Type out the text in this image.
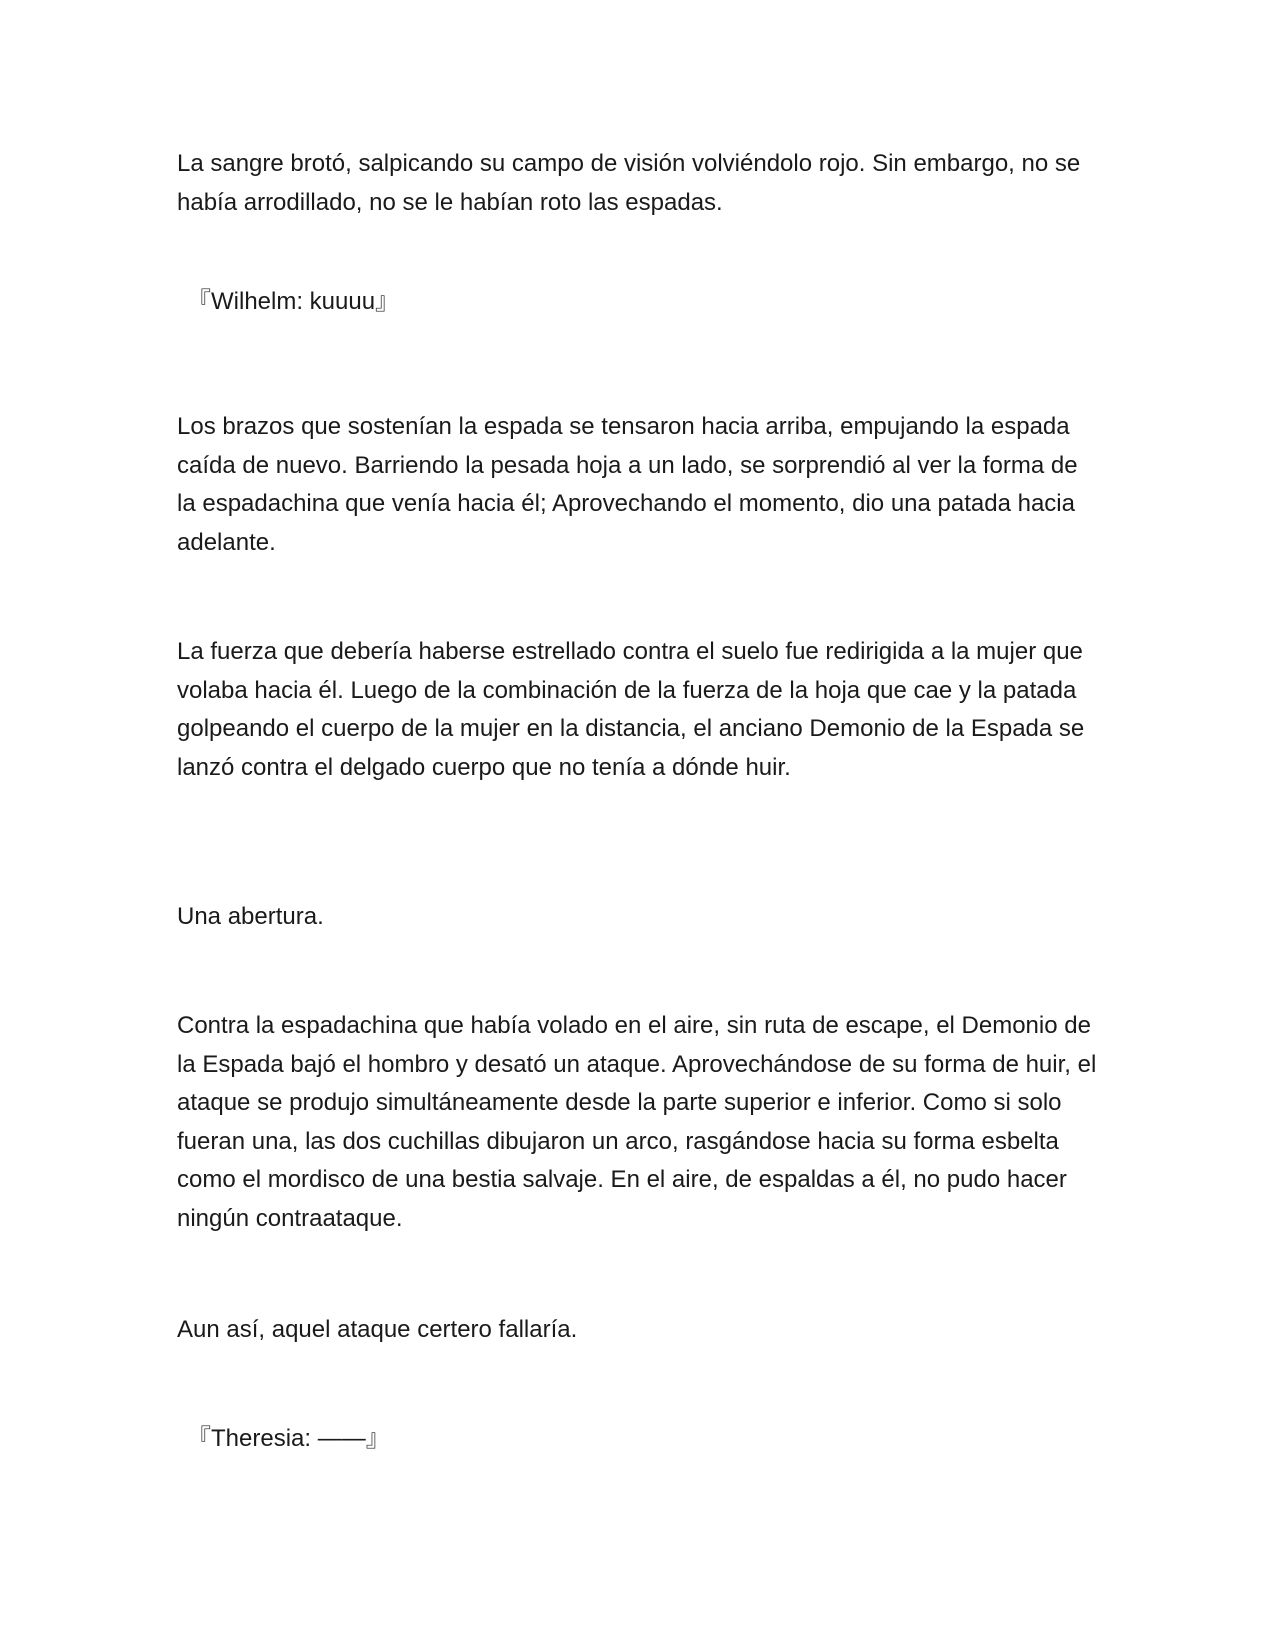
La sangre brotó, salpicando su campo de visión volviéndolo rojo. Sin embargo, no se había arrodillado, no se le habían roto las espadas.

『Wilhelm: kuuuu』

Los brazos que sostenían la espada se tensaron hacia arriba, empujando la espada caída de nuevo. Barriendo la pesada hoja a un lado, se sorprendió al ver la forma de la espadachina que venía hacia él; Aprovechando el momento, dio una patada hacia adelante.

La fuerza que debería haberse estrellado contra el suelo fue redirigida a la mujer que volaba hacia él. Luego de la combinación de la fuerza de la hoja que cae y la patada golpeando el cuerpo de la mujer en la distancia, el anciano Demonio de la Espada se lanzó contra el delgado cuerpo que no tenía a dónde huir.

Una abertura.

Contra la espadachina que había volado en el aire, sin ruta de escape, el Demonio de la Espada bajó el hombro y desató un ataque. Aprovechándose de su forma de huir, el ataque se produjo simultáneamente desde la parte superior e inferior. Como si solo fueran una, las dos cuchillas dibujaron un arco, rasgándose hacia su forma esbelta como el mordisco de una bestia salvaje. En el aire, de espaldas a él, no pudo hacer ningún contraataque.

Aun así, aquel ataque certero fallaría.

『Theresia: ——』
